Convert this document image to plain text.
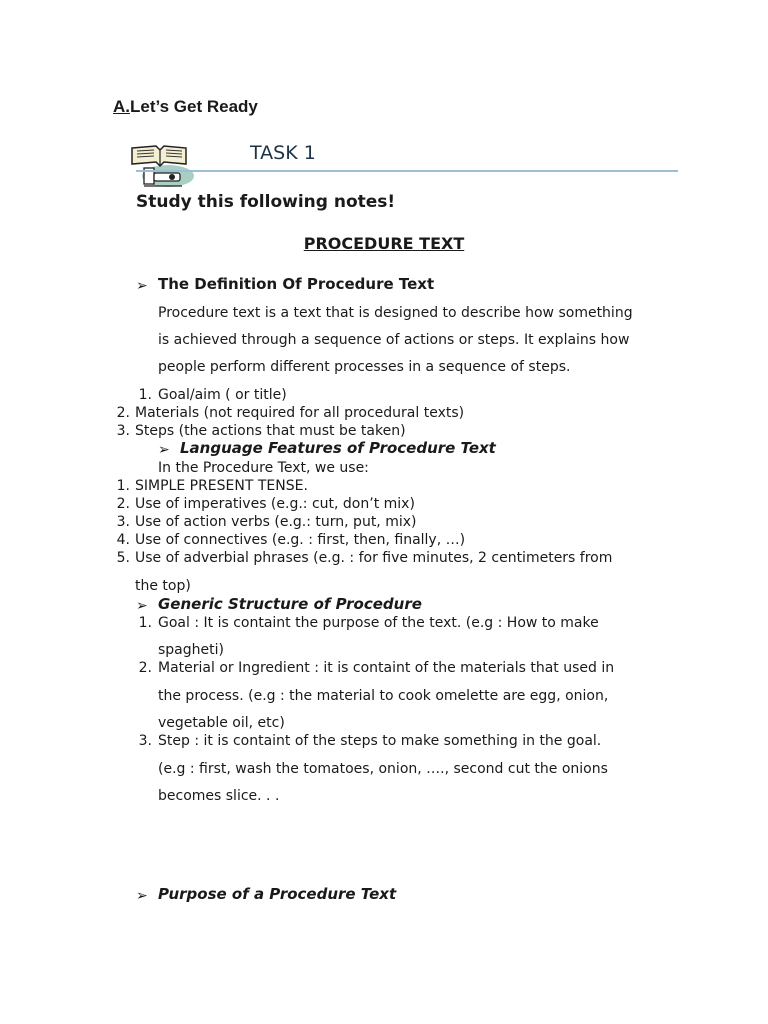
A.Let’s Get Ready
TASK 1
Study this following notes!
PROCEDURE TEXT
➢ The Definition Of Procedure Text
Procedure text is a text that is designed to describe how something
is achieved through a sequence of actions or steps. It explains how
people perform different processes in a sequence of steps.
1. Goal/aim ( or title)
2. Materials (not required for all procedural texts)
3. Steps (the actions that must be taken)
➢ Language Features of Procedure Text
In the Procedure Text, we use:
1. SIMPLE PRESENT TENSE.
2. Use of imperatives (e.g.: cut, don’t mix)
3. Use of action verbs (e.g.: turn, put, mix)
4. Use of connectives (e.g. : first, then, finally, …)
5. Use of adverbial phrases (e.g. : for five minutes, 2 centimeters from
the top)
➢ Generic Structure of Procedure
1. Goal : It is containt the purpose of the text. (e.g : How to make
spagheti)
2. Material or Ingredient : it is containt of the materials that used in
the process. (e.g : the material to cook omelette are egg, onion,
vegetable oil, etc)
3. Step : it is containt of the steps to make something in the goal.
(e.g : first, wash the tomatoes, onion, …., second cut the onions
becomes slice. . .
➢ Purpose of a Procedure Text
